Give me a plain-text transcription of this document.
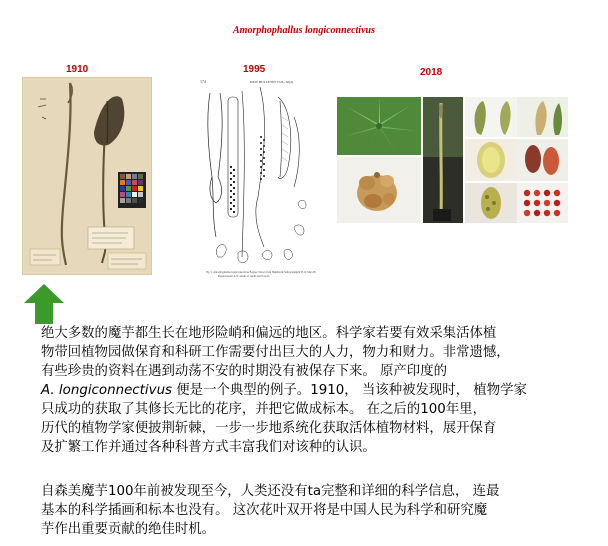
Amorphophallus longiconnectivus
1910	1995	2018
174	KEW BULLETIN VOL. 50(2)
Fig. 2. Amorphophallus longiconnectivus Bogner. Drawn from Hambali & Sulistyaningsih 95 by Mary Bates.
Figure legend: A-N, details of spadix and flowers.
绝大多数的魔芋都生长在地形险峭和偏远的地区。科学家若要有效采集活体植
物带回植物园做保育和科研工作需要付出巨大的人力，物力和财力。非常遗憾，
有些珍贵的资料在遇到动荡不安的时期没有被保存下来。 原产印度的
A. longiconnectivus 便是一个典型的例子。1910， 当该种被发现时， 植物学家
只成功的获取了其修长无比的花序，并把它做成标本。 在之后的100年里，
历代的植物学家便披荆斩棘，一步一步地系统化获取活体植物材料，展开保育
及扩繁工作并通过各种科普方式丰富我们对该种的认识。
自森美魔芋100年前被发现至今，人类还没有ta完整和详细的科学信息， 连最
基本的科学插画和标本也没有。 这次花叶双开将是中国人民为科学和研究魔
芋作出重要贡献的绝佳时机。
